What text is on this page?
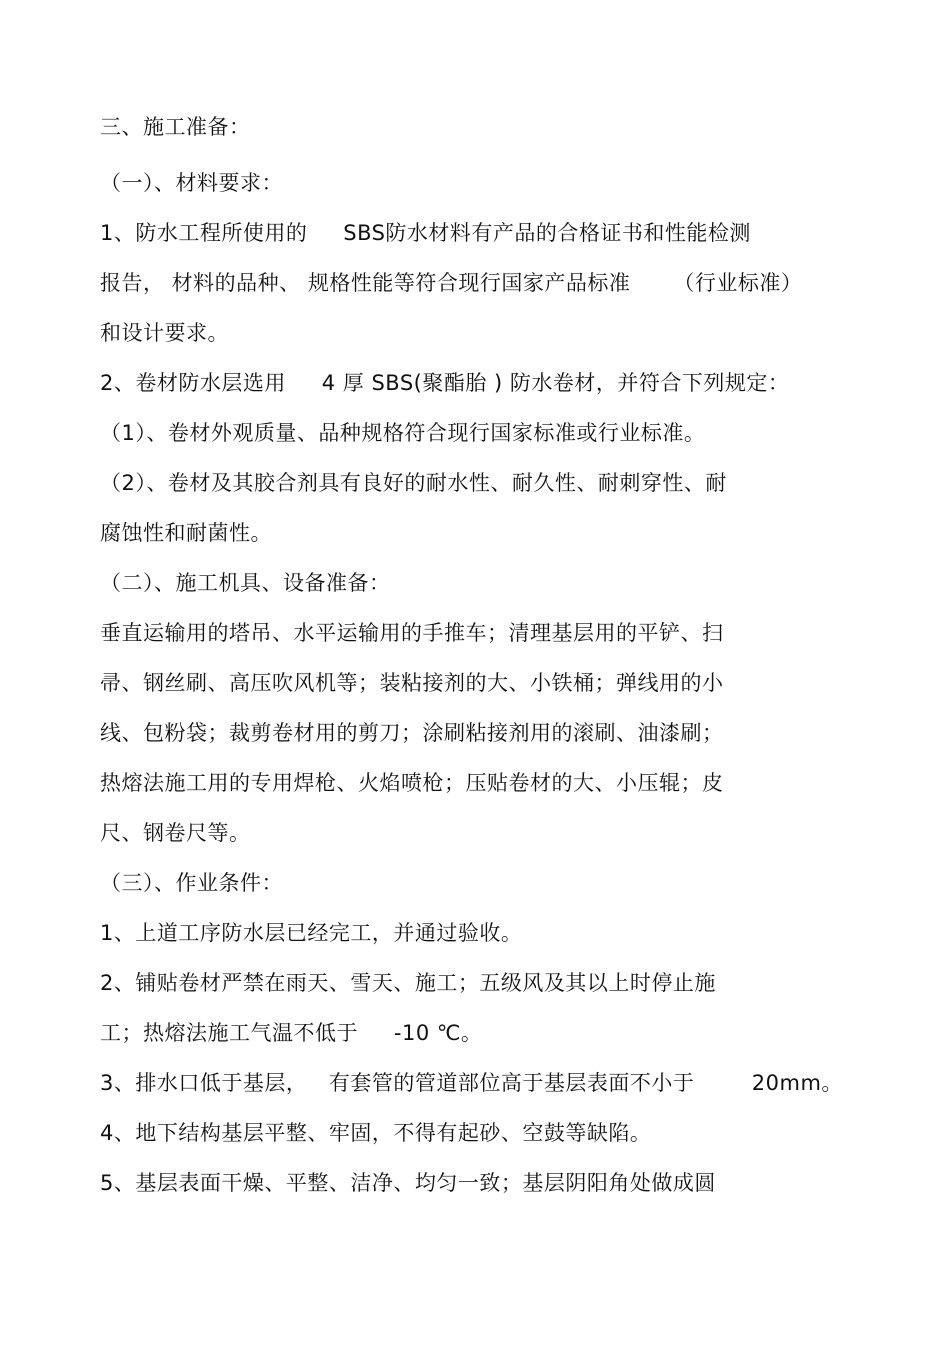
三、施工准备：
（一）、材料要求：
1、防水工程所使用的     SBS防水材料有产品的合格证书和性能检测
报告， 材料的品种、 规格性能等符合现行国家产品标准      （行业标准）
和设计要求。
2、卷材防水层选用     4 厚 SBS(聚酯胎 ) 防水卷材，并符合下列规定：
（1）、卷材外观质量、品种规格符合现行国家标准或行业标准。
（2）、卷材及其胶合剂具有良好的耐水性、耐久性、耐刺穿性、耐
腐蚀性和耐菌性。
（二）、施工机具、设备准备：
垂直运输用的塔吊、水平运输用的手推车；清理基层用的平铲、扫
帚、钢丝刷、高压吹风机等；装粘接剂的大、小铁桶；弹线用的小
线、包粉袋；裁剪卷材用的剪刀；涂刷粘接剂用的滚刷、油漆刷；
热熔法施工用的专用焊枪、火焰喷枪；压贴卷材的大、小压辊；皮
尺、钢卷尺等。
（三）、作业条件：
1、上道工序防水层已经完工，并通过验收。
2、铺贴卷材严禁在雨天、雪天、施工；五级风及其以上时停止施
工；热熔法施工气温不低于     -10 ℃。
3、排水口低于基层，   有套管的管道部位高于基层表面不小于        20mm。
4、地下结构基层平整、牢固，不得有起砂、空鼓等缺陷。
5、基层表面干燥、平整、洁净、均匀一致；基层阴阳角处做成圆
